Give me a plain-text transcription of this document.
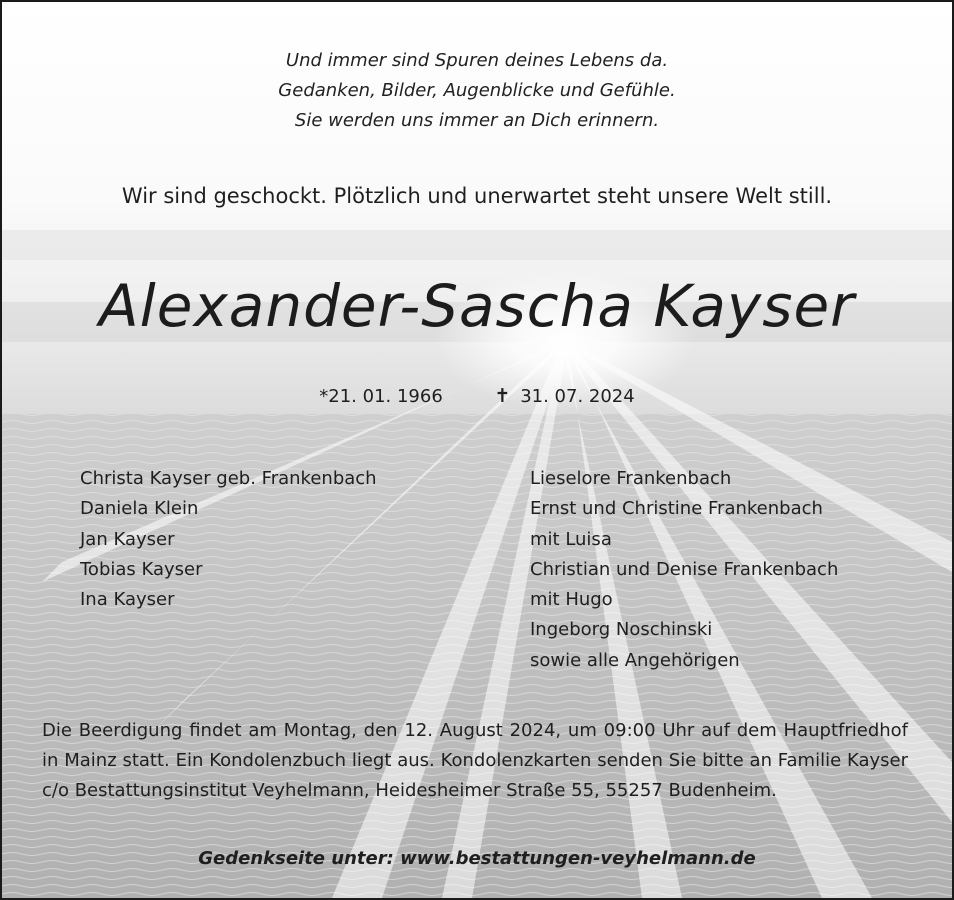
Und immer sind Spuren deines Lebens da.
Gedanken, Bilder, Augenblicke und Gefühle.
Sie werden uns immer an Dich erinnern.
Wir sind geschockt. Plötzlich und unerwartet steht unsere Welt still.
Alexander-Sascha Kayser
*21. 01. 1966	✝ 31. 07. 2024
Christa Kayser geb. Frankenbach
Daniela Klein
Jan Kayser
Tobias Kayser
Ina Kayser
Lieselore Frankenbach
Ernst und Christine Frankenbach
mit Luisa
Christian und Denise Frankenbach
mit Hugo
Ingeborg Noschinski
sowie alle Angehörigen
Die Beerdigung findet am Montag, den 12. August 2024, um 09:00 Uhr auf dem Hauptfriedhof in Mainz statt. Ein Kondolenzbuch liegt aus. Kondolenzkarten senden Sie bitte an Familie Kayser c/o Bestattungsinstitut Veyhelmann, Heidesheimer Straße 55, 55257 Budenheim.
Gedenkseite unter: www.bestattungen-veyhelmann.de
